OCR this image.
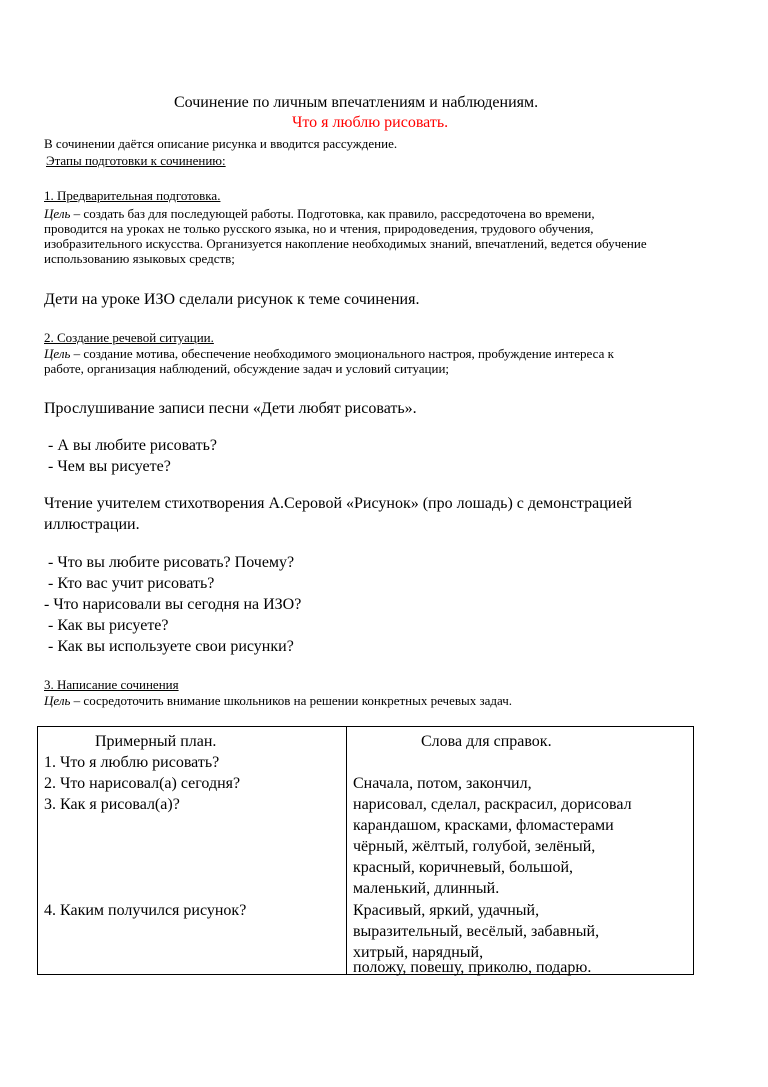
Сочинение по личным впечатлениям и наблюдениям.
Что я люблю рисовать.
В сочинении даётся описание рисунка и вводится рассуждение.
Этапы подготовки к сочинению:
1. Предварительная подготовка.
Цель – создать баз для последующей работы. Подготовка, как правило, рассредоточена во времени,
проводится на уроках не только русского языка, но и чтения, природоведения, трудового обучения,
изобразительного искусства. Организуется накопление необходимых знаний, впечатлений, ведется обучение
использованию языковых средств;
Дети на уроке ИЗО сделали рисунок к теме сочинения.
2. Создание речевой ситуации.
Цель – создание мотива, обеспечение необходимого эмоционального настроя, пробуждение интереса к
работе, организация наблюдений, обсуждение задач и условий ситуации;
Прослушивание записи песни «Дети любят рисовать».
- А вы любите рисовать?
- Чем вы рисуете?
Чтение учителем стихотворения А.Серовой «Рисунок» (про лошадь) с демонстрацией
иллюстрации.
- Что вы любите рисовать? Почему?
- Кто вас учит рисовать?
- Что нарисовали вы сегодня на ИЗО?
- Как вы рисуете?
- Как вы используете свои рисунки?
3. Написание сочинения
Цель – сосредоточить внимание школьников на решении конкретных речевых задач.
Примерный план.	Слова для справок.
1. Что я люблю рисовать?
2. Что нарисовал(а) сегодня?
3. Как я рисовал(а)?
4. Каким получился рисунок?
Сначала, потом, закончил,
нарисовал, сделал, раскрасил, дорисовал
карандашом, красками, фломастерами
чёрный, жёлтый, голубой, зелёный,
красный, коричневый, большой,
маленький, длинный.
Красивый, яркий, удачный,
выразительный, весёлый, забавный,
хитрый, нарядный,
положу, повешу, приколю, подарю.
